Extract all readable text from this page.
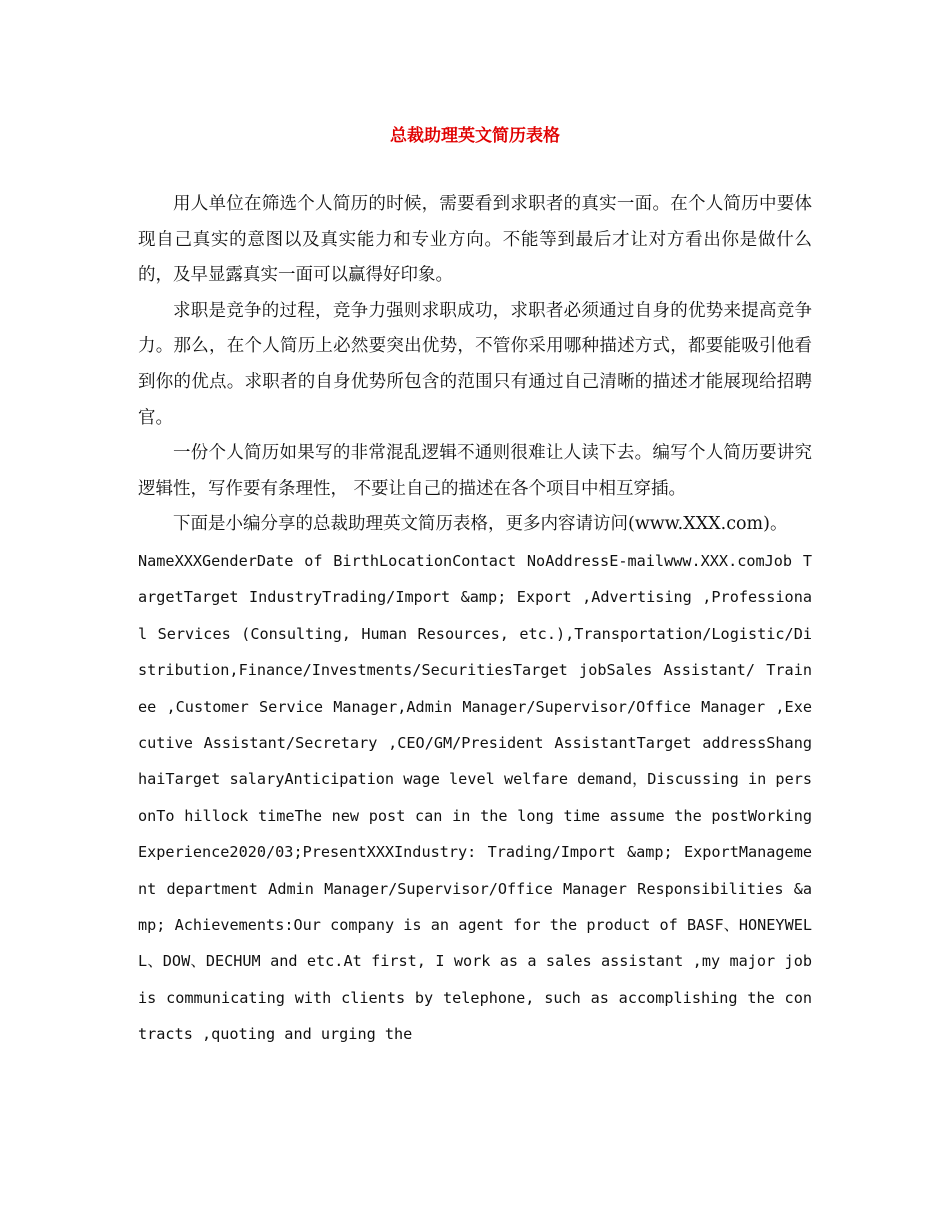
总裁助理英文简历表格

用人单位在筛选个人简历的时候，需要看到求职者的真实一面。在个人简历中要体现自己真实的意图以及真实能力和专业方向。不能等到最后才让对方看出你是做什么的，及早显露真实一面可以赢得好印象。

求职是竞争的过程，竞争力强则求职成功，求职者必须通过自身的优势来提高竞争力。那么，在个人简历上必然要突出优势，不管你采用哪种描述方式，都要能吸引他看到你的优点。求职者的自身优势所包含的范围只有通过自己清晰的描述才能展现给招聘官。

一份个人简历如果写的非常混乱逻辑不通则很难让人读下去。编写个人简历要讲究逻辑性，写作要有条理性， 不要让自己的描述在各个项目中相互穿插。

下面是小编分享的总裁助理英文简历表格，更多内容请访问(www.XXX.com)。

NameXXXGenderDate of BirthLocationContact NoAddressE-mailwww.XXX.comJob TargetTarget IndustryTrading/Import &amp; Export ,Advertising ,Professional Services (Consulting, Human Resources, etc.),Transportation/Logistic/Distribution,Finance/Investments/SecuritiesTarget jobSales Assistant/ Trainee ,Customer Service Manager,Admin Manager/Supervisor/Office Manager ,Executive Assistant/Secretary ,CEO/GM/President AssistantTarget addressShanghaiTarget salaryAnticipation wage level welfare demand，Discussing in personTo hillock timeThe new post can in the long time assume the postWorking Experience2020/03;PresentXXXIndustry: Trading/Import &amp; ExportManagement department Admin Manager/Supervisor/Office Manager Responsibilities &amp; Achievements:Our company is an agent for the product of BASF、HONEYWELL、DOW、DECHUM and etc.At first, I work as a sales assistant ,my major job is communicating with clients by telephone, such as accomplishing the contracts ,quoting and urging the
